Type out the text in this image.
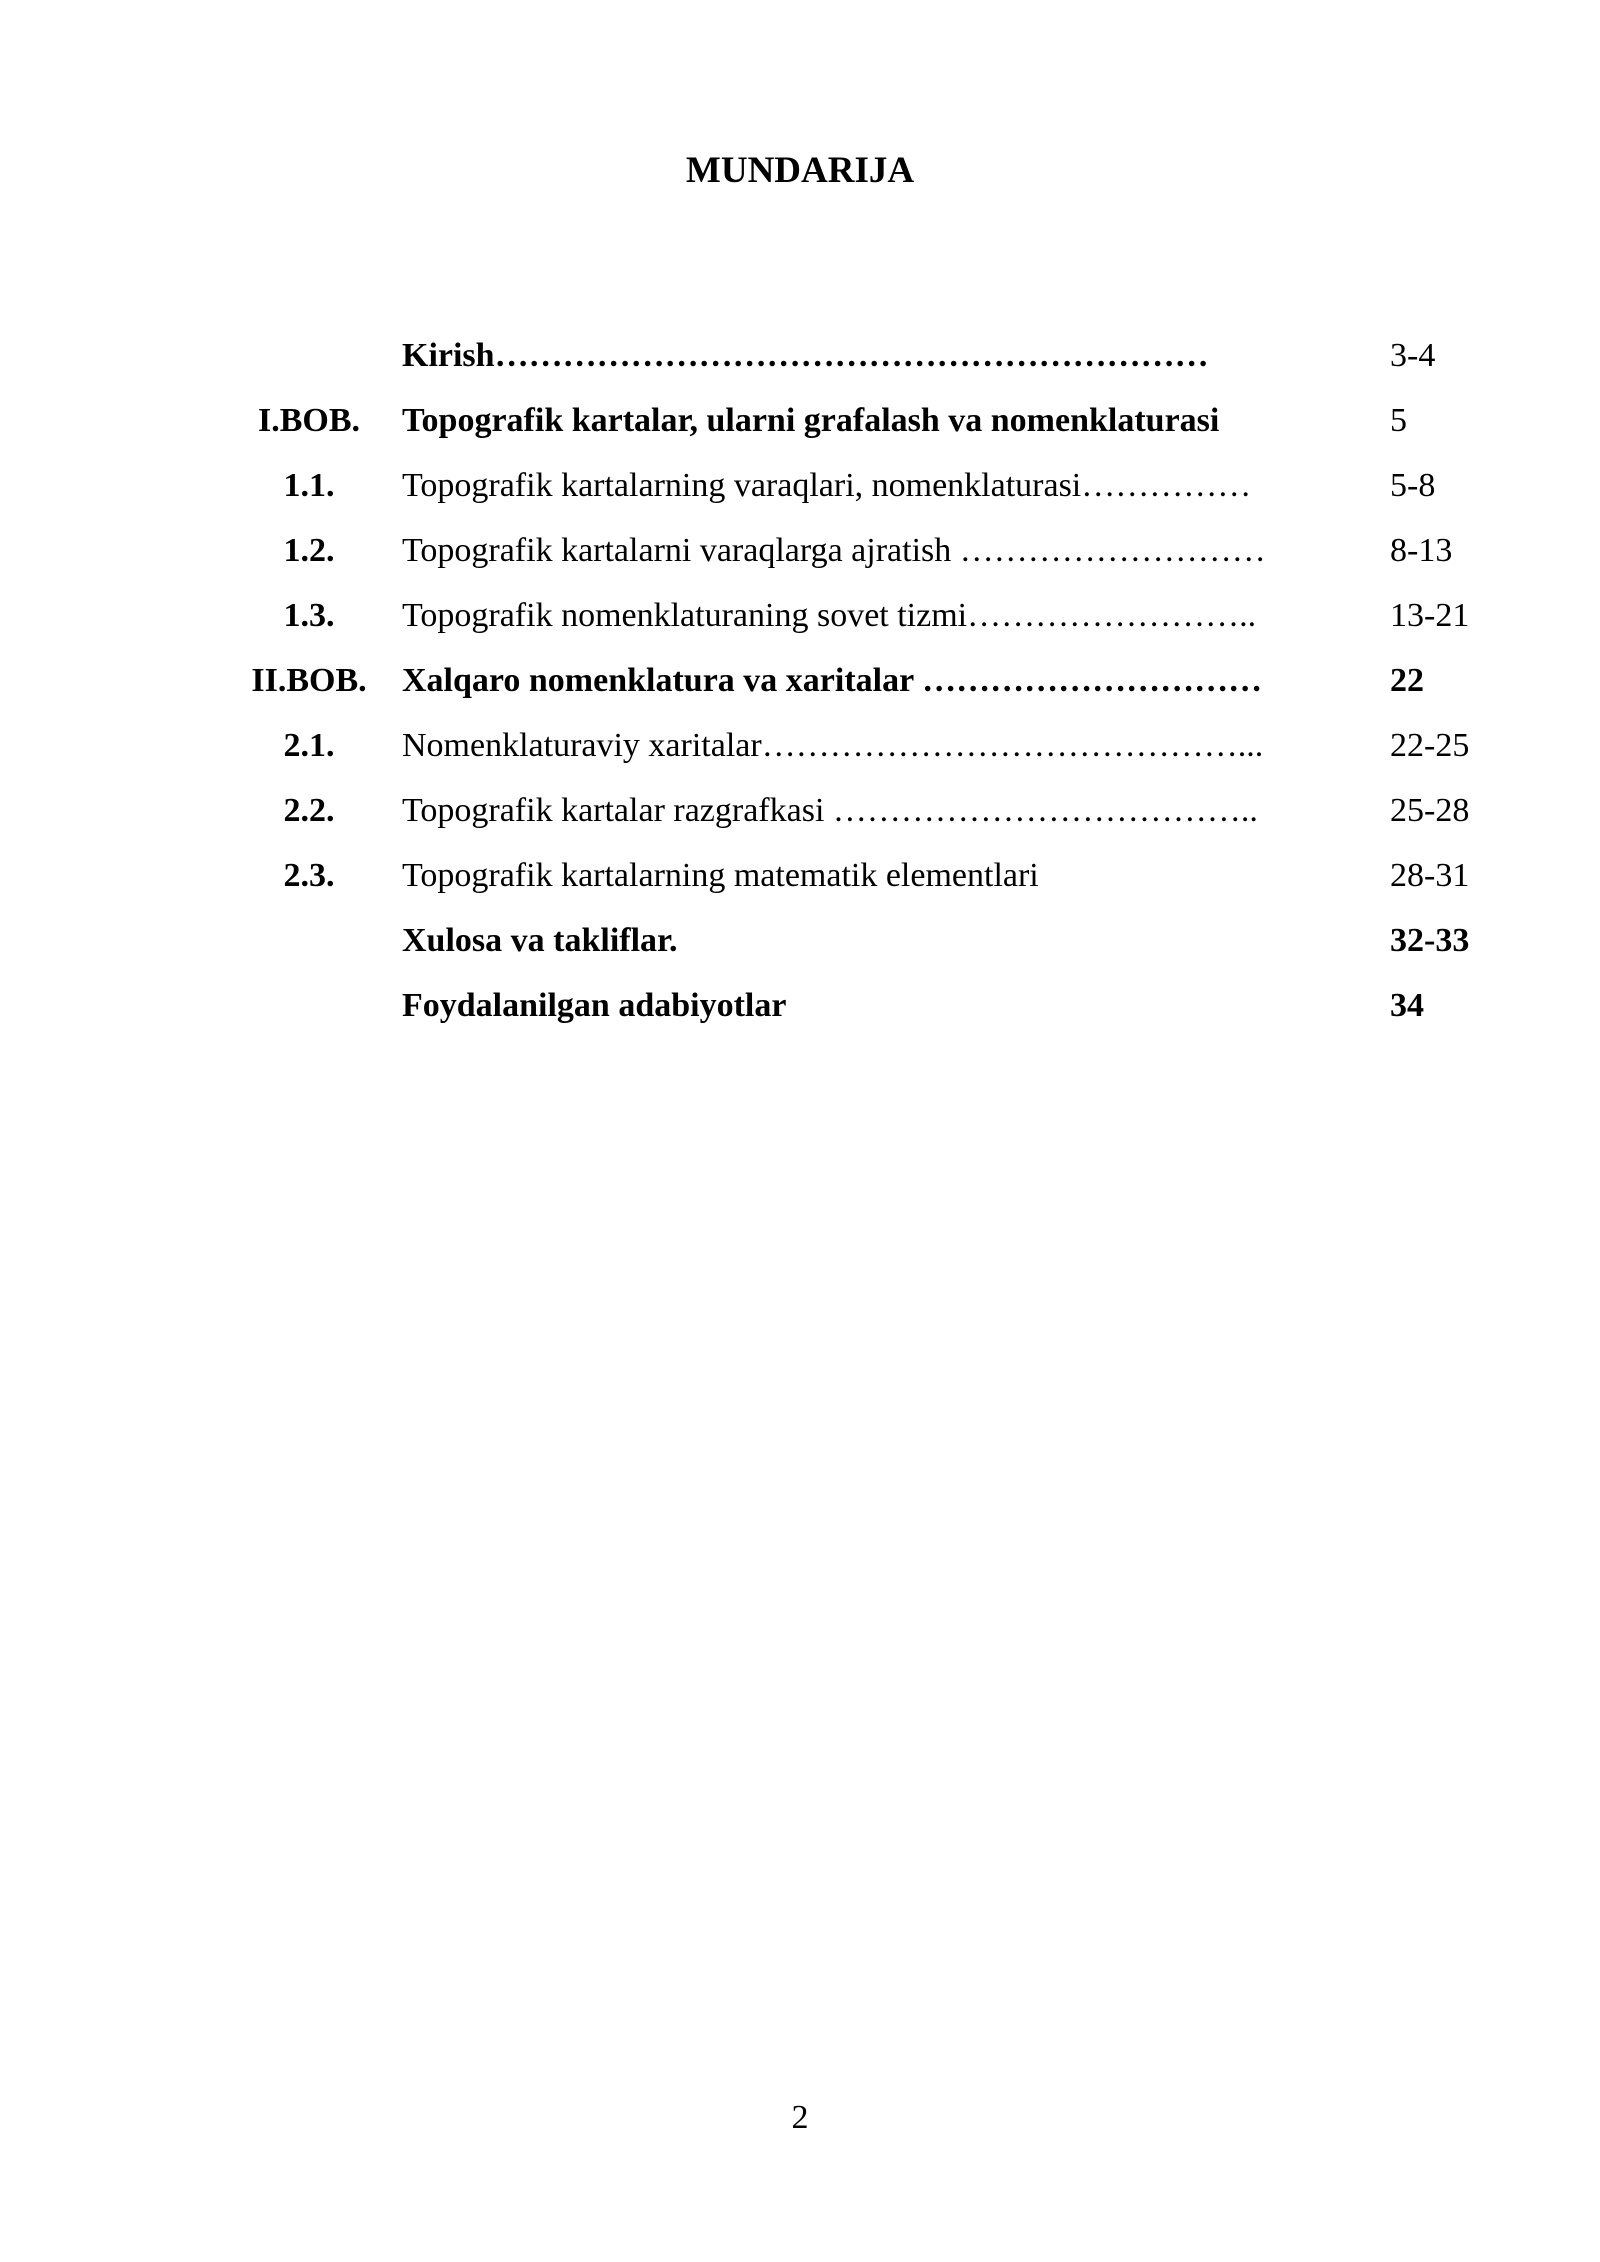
MUNDARIJA
Kirish………………………………………………………	3-4
I.BOB.	Topografik kartalar, ularni grafalash va nomenklaturasi	5
1.1.	Topografik kartalarning varaqlari, nomenklaturasi……………	5-8
1.2.	Topografik kartalarni varaqlarga ajratish ………………………	8-13
1.3.	Topografik nomenklaturaning sovet tizmi……………………..	13-21
II.BOB. Xalqaro nomenklatura va xaritalar …………………………	22
2.1.	Nomenklaturaviy xaritalar……………………………………...	22-25
2.2.	Topografik kartalar razgrafkasi ………………………………..	25-28
2.3.	Topografik kartalarning matematik elementlari	28-31
Xulosa va takliflar.	32-33
Foydalanilgan adabiyotlar	34
2
